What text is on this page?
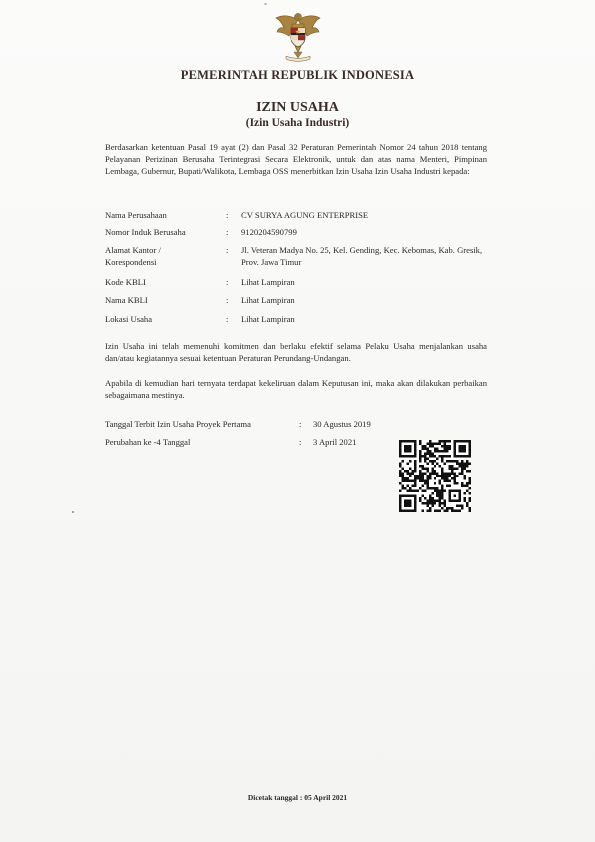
PEMERINTAH REPUBLIK INDONESIA
IZIN USAHA
(Izin Usaha Industri)
Berdasarkan ketentuan Pasal 19 ayat (2) dan Pasal 32 Peraturan Pemerintah Nomor 24 tahun 2018 tentang Pelayanan Perizinan Berusaha Terintegrasi Secara Elektronik, untuk dan atas nama Menteri, Pimpinan Lembaga, Gubernur, Bupati/Walikota, Lembaga OSS menerbitkan Izin Usaha Izin Usaha Industri kepada:
Nama Perusahaan	: CV SURYA AGUNG ENTERPRISE
Nomor Induk Berusaha	: 9120204590799
Alamat Kantor /
Korespondensi
: Jl. Veteran Madya No. 25, Kel. Gending, Kec. Kebomas, Kab. Gresik, Prov. Jawa Timur
Kode KBLI	: Lihat Lampiran
Nama KBLI	: Lihat Lampiran
Lokasi Usaha	: Lihat Lampiran
Izin Usaha ini telah memenuhi komitmen dan berlaku efektif selama Pelaku Usaha menjalankan usaha dan/atau kegiatannya sesuai ketentuan Peraturan Perundang-Undangan.
Apabila di kemudian hari ternyata terdapat kekeliruan dalam Keputusan ini, maka akan dilakukan perbaikan sebagaimana mestinya.
Tanggal Terbit Izin Usaha Proyek Pertama	: 30 Agustus 2019
Perubahan ke -4 Tanggal	: 3 April 2021
Dicetak tanggal : 05 April 2021
